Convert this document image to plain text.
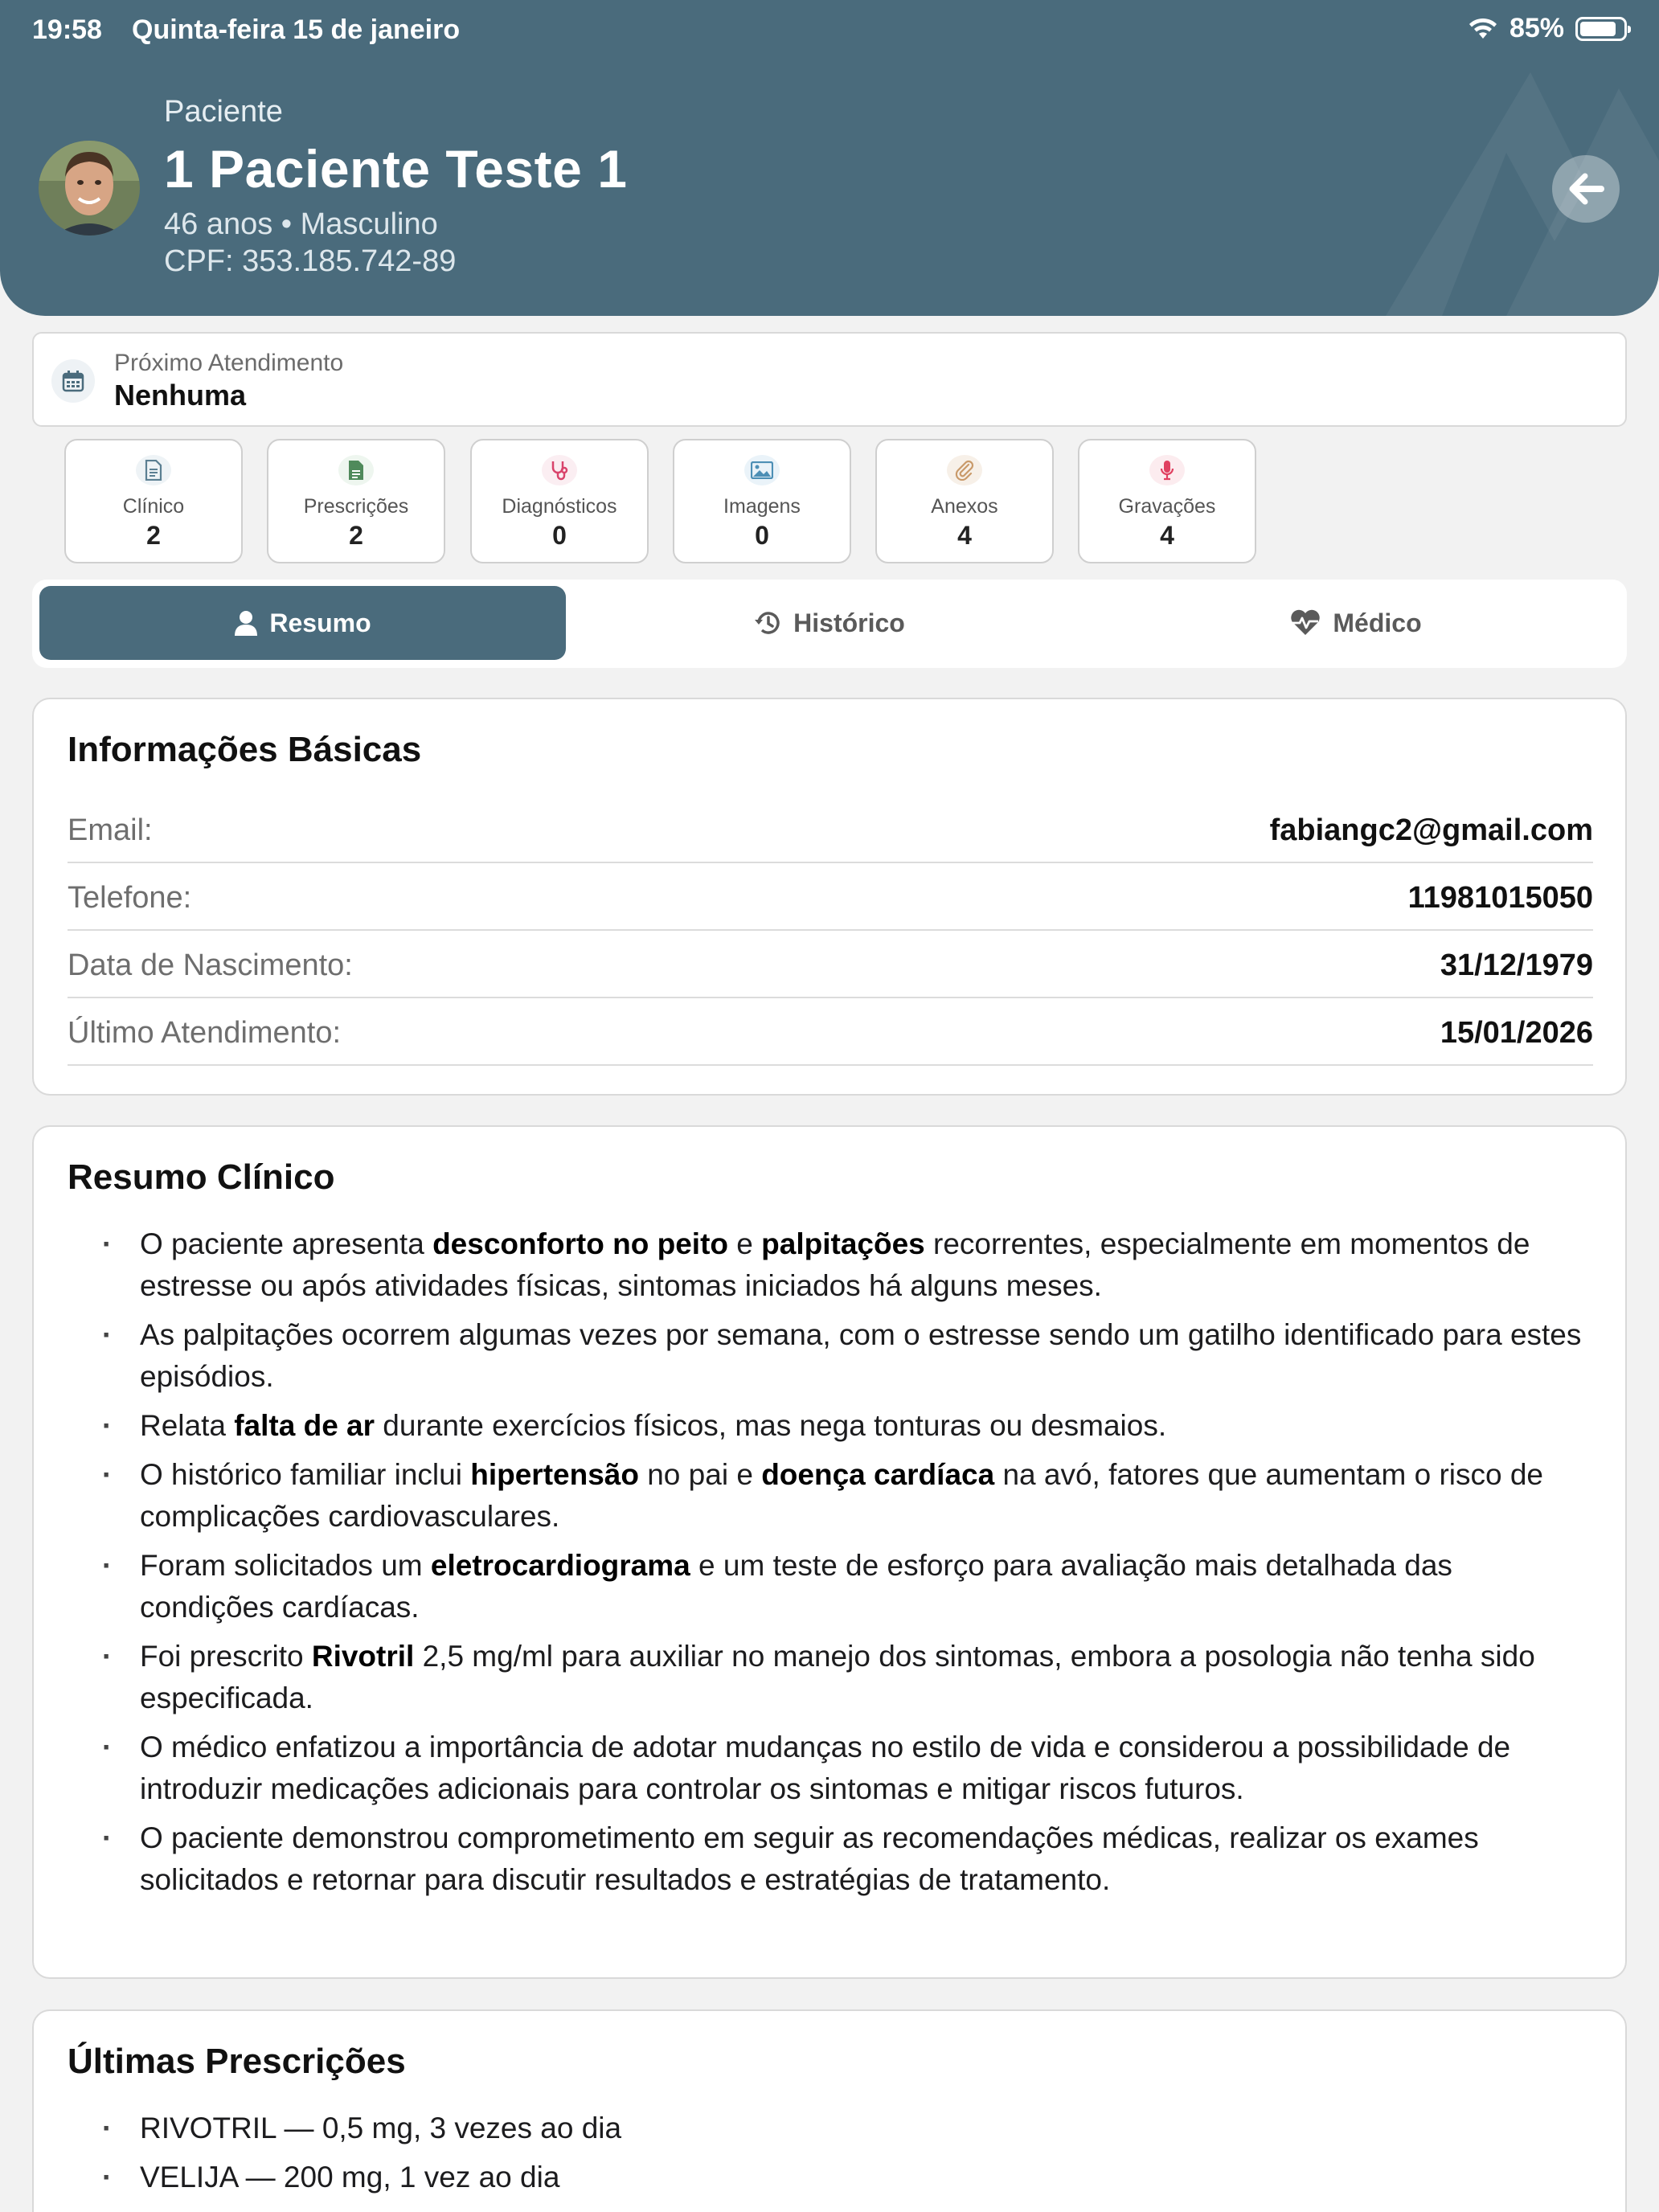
19:58 Quinta-feira 15 de janeiro	85%
Paciente
1 Paciente Teste 1
46 anos • Masculino
CPF: 353.185.742-89
Próximo Atendimento
Nenhuma
Clínico
2
Prescrições
2
Diagnósticos
0
Imagens
0
Anexos
4
Gravações
4
Resumo	Histórico	Médico
Informações Básicas
Email:	fabiangc2@gmail.com
Telefone:	11981015050
Data de Nascimento:	31/12/1979
Último Atendimento:	15/01/2026
Resumo Clínico
· O paciente apresenta desconforto no peito e palpitações recorrentes, especialmente em momentos de estresse ou após atividades físicas, sintomas iniciados há alguns meses.
· As palpitações ocorrem algumas vezes por semana, com o estresse sendo um gatilho identificado para estes episódios.
· Relata falta de ar durante exercícios físicos, mas nega tonturas ou desmaios.
· O histórico familiar inclui hipertensão no pai e doença cardíaca na avó, fatores que aumentam o risco de complicações cardiovasculares.
· Foram solicitados um eletrocardiograma e um teste de esforço para avaliação mais detalhada das condições cardíacas.
· Foi prescrito Rivotril 2,5 mg/ml para auxiliar no manejo dos sintomas, embora a posologia não tenha sido especificada.
· O médico enfatizou a importância de adotar mudanças no estilo de vida e considerou a possibilidade de introduzir medicações adicionais para controlar os sintomas e mitigar riscos futuros.
· O paciente demonstrou comprometimento em seguir as recomendações médicas, realizar os exames solicitados e retornar para discutir resultados e estratégias de tratamento.
Últimas Prescrições
· RIVOTRIL — 0,5 mg, 3 vezes ao dia
· VELIJA — 200 mg, 1 vez ao dia
